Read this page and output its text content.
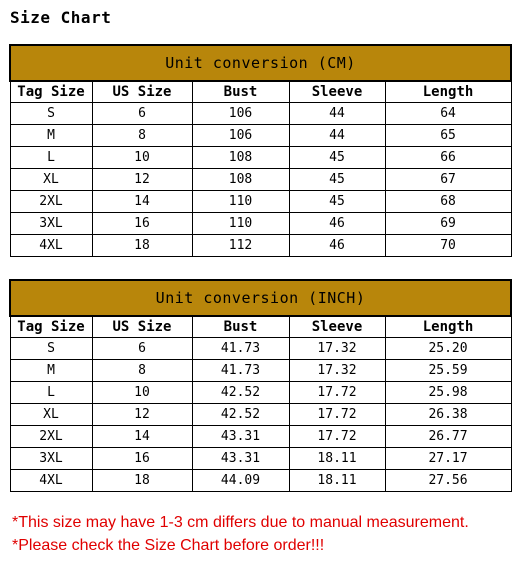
Size Chart
Unit conversion (CM)				
Tag Size	US Size	Bust	Sleeve	Length
S	6	106	44	64
M	8	106	44	65
L	10	108	45	66
XL	12	108	45	67
2XL	14	110	45	68
3XL	16	110	46	69
4XL	18	112	46	70
Unit conversion (INCH)				
Tag Size	US Size	Bust	Sleeve	Length
S	6	41.73	17.32	25.20
M	8	41.73	17.32	25.59
L	10	42.52	17.72	25.98
XL	12	42.52	17.72	26.38
2XL	14	43.31	17.72	26.77
3XL	16	43.31	18.11	27.17
4XL	18	44.09	18.11	27.56
*This size may have 1-3 cm differs due to manual measurement.
*Please check the Size Chart before order!!!
